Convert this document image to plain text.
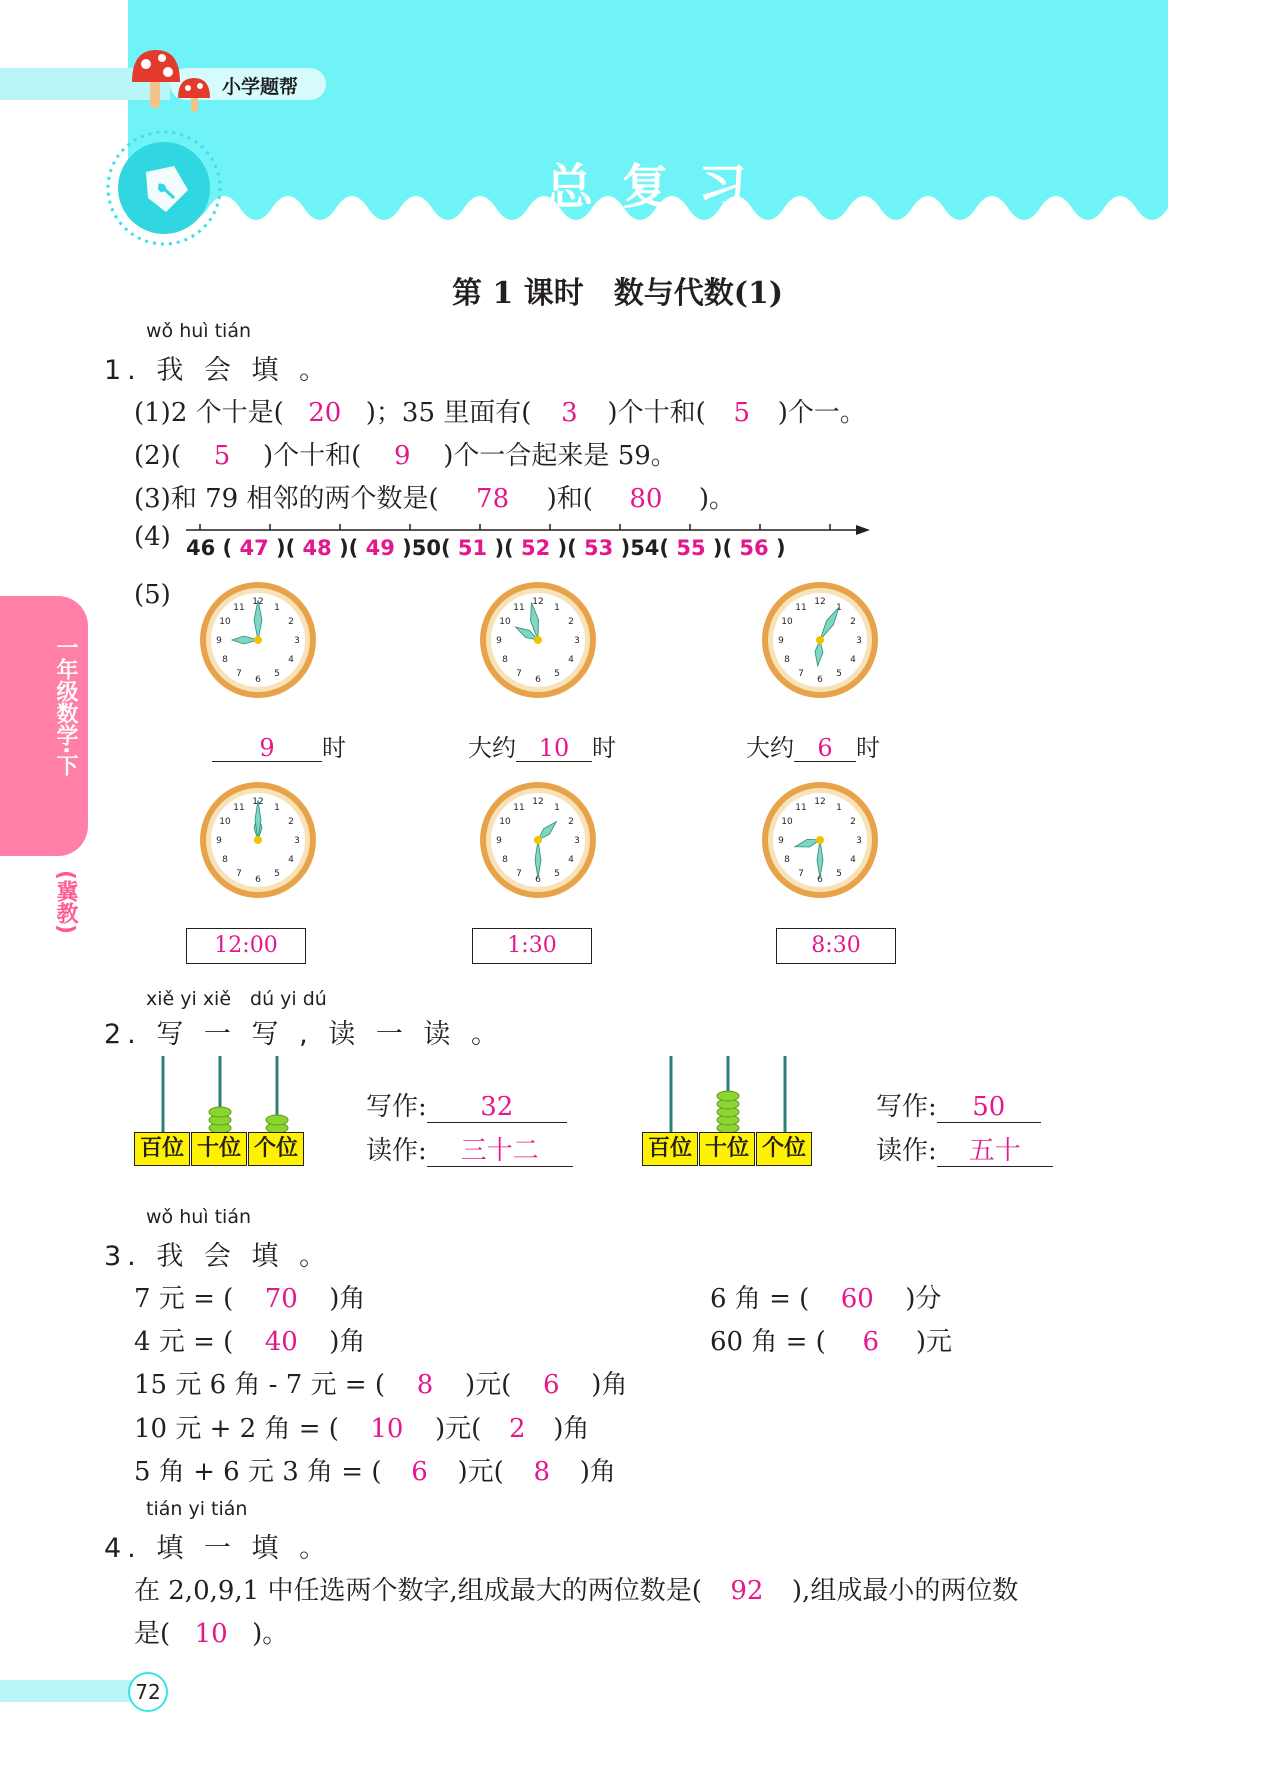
小学题帮
总 复 习
第 1 课时　数与代数(1)
一年级数学·下
(冀教)
wǒ huì tián
1. 我 会 填 。
(1)2 个十是( 20 )；35 里面有( 3 )个十和( 5 )个一。
(2)( 5 )个十和( 9 )个一合起来是 59。
(3)和 79 相邻的两个数是( 78 )和( 80 )。
(4) 46 ( 47 )( 48 )( 49 )50( 51 )( 52 )( 53 )54( 55 )( 56 )
(5)
9 时	大约 10 时	大约 6 时
12:00	1:30	8:30
xiě yi xiě　dú yi dú
2. 写 一 写 , 读 一 读 。
百位 十位 个位
写作: 32
读作: 三十二	百位 十位 个位
写作: 50
读作: 五十
wǒ huì tián
3. 我 会 填 。
7 元 = ( 70 )角
4 元 = ( 40 )角
6 角 = ( 60 )分
60 角 = ( 6 )元
15 元 6 角 - 7 元 = ( 8 )元( 6 )角
10 元 + 2 角 = ( 10 )元( 2 )角
5 角 + 6 元 3 角 = ( 6 )元( 8 )角
tián yi tián
4. 填 一 填 。
在 2,0,9,1 中任选两个数字,组成最大的两位数是( 92 ),组成最小的两位数
是( 10 )。
72
